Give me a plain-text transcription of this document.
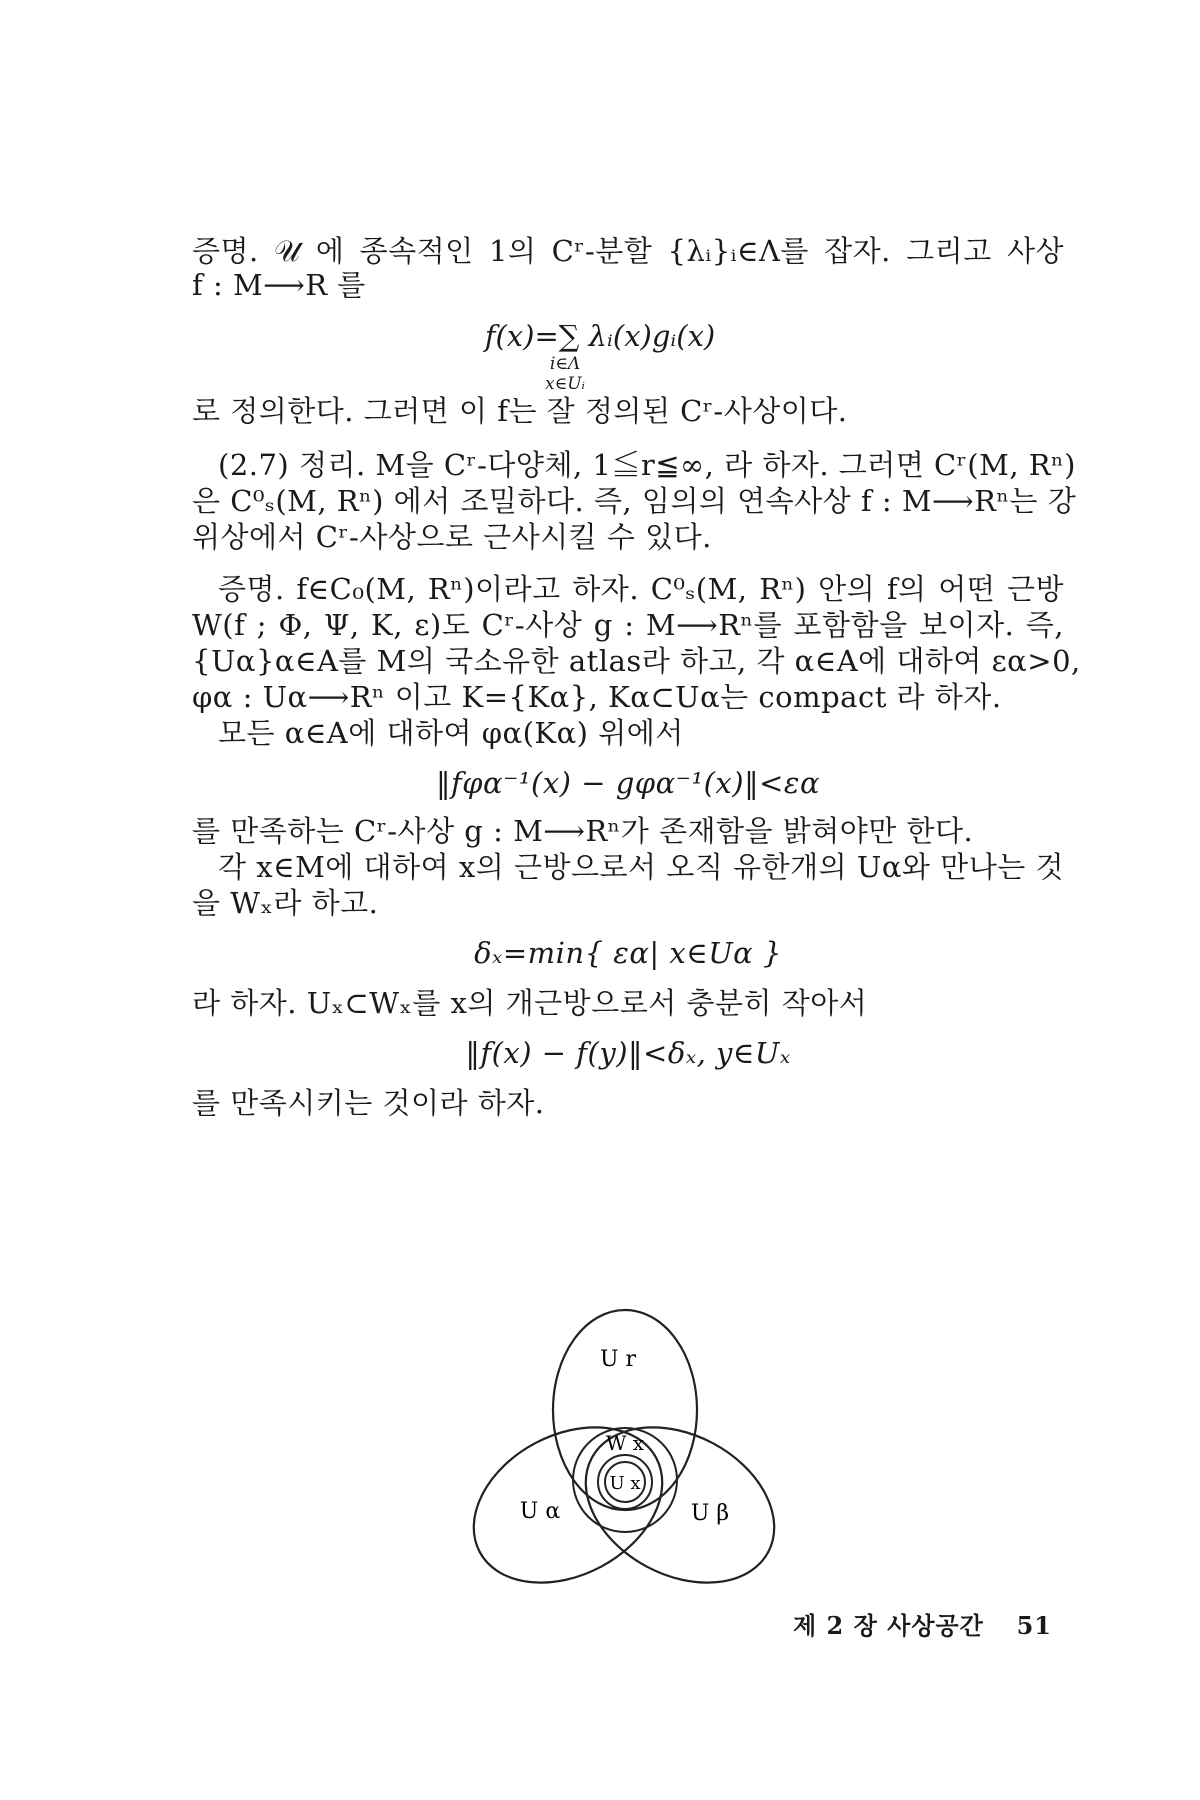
증명. 𝒰 에 종속적인 1의 Cʳ-분할 {λᵢ}ᵢ∈Λ를 잡자. 그리고 사상
f : M⟶R 를
f(x)=∑ λᵢ(x)gᵢ(x)
i∈Λ
x∈Uᵢ
로 정의한다. 그러면 이 f는 잘 정의된 Cʳ-사상이다.
(2.7) 정리. M을 Cʳ-다양체, 1≦r≦∞, 라 하자. 그러면 Cʳ(M, Rⁿ)
은 C⁰ₛ(M, Rⁿ) 에서 조밀하다. 즉, 임의의 연속사상 f : M⟶Rⁿ는 강
위상에서 Cʳ-사상으로 근사시킬 수 있다.
증명. f∈C₀(M, Rⁿ)이라고 하자. C⁰ₛ(M, Rⁿ) 안의 f의 어떤 근방
W(f ; Φ, Ψ, K, ε)도 Cʳ-사상 g : M⟶Rⁿ를 포함함을 보이자. 즉,
{Uα}α∈A를 M의 국소유한 atlas라 하고, 각 α∈A에 대하여 εα>0,
φα : Uα⟶Rⁿ 이고 K={Kα}, Kα⊂Uα는 compact 라 하자.
모든 α∈A에 대하여 φα(Kα) 위에서
‖fφα⁻¹(x) − gφα⁻¹(x)‖<εα
를 만족하는 Cʳ-사상 g : M⟶Rⁿ가 존재함을 밝혀야만 한다.
각 x∈M에 대하여 x의 근방으로서 오직 유한개의 Uα와 만나는 것
을 Wₓ라 하고.
δₓ=min{ εα| x∈Uα }
라 하자. Uₓ⊂Wₓ를 x의 개근방으로서 충분히 작아서
‖f(x) − f(y)‖<δₓ, y∈Uₓ
를 만족시키는 것이라 하자.
U r
W x
U x
U α	U β
제 2 장 사상공간 51
